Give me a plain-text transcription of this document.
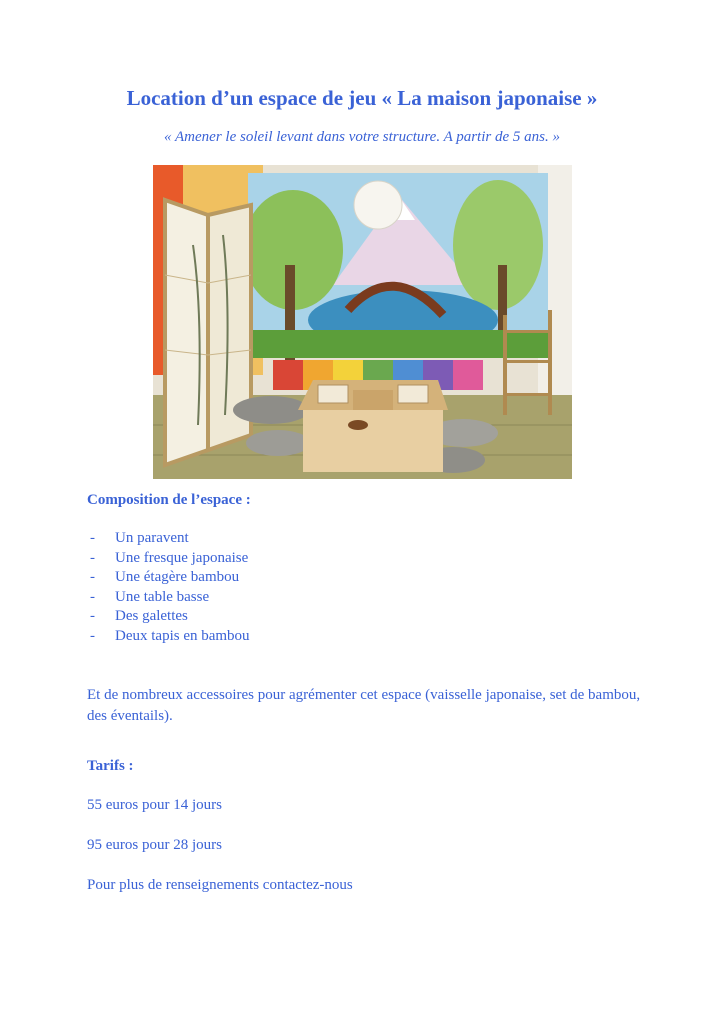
Location d’un espace de jeu « La maison japonaise »
« Amener le soleil levant dans votre structure. A partir de 5 ans. »
Composition de l’espace :
- Un paravent
- Une fresque japonaise
- Une étagère bambou
- Une table basse
- Des galettes
- Deux tapis en bambou
Et de nombreux accessoires pour agrémenter cet espace (vaisselle japonaise, set de bambou, des éventails).
Tarifs :
55 euros pour 14 jours
95 euros pour 28 jours
Pour plus de renseignements contactez-nous
